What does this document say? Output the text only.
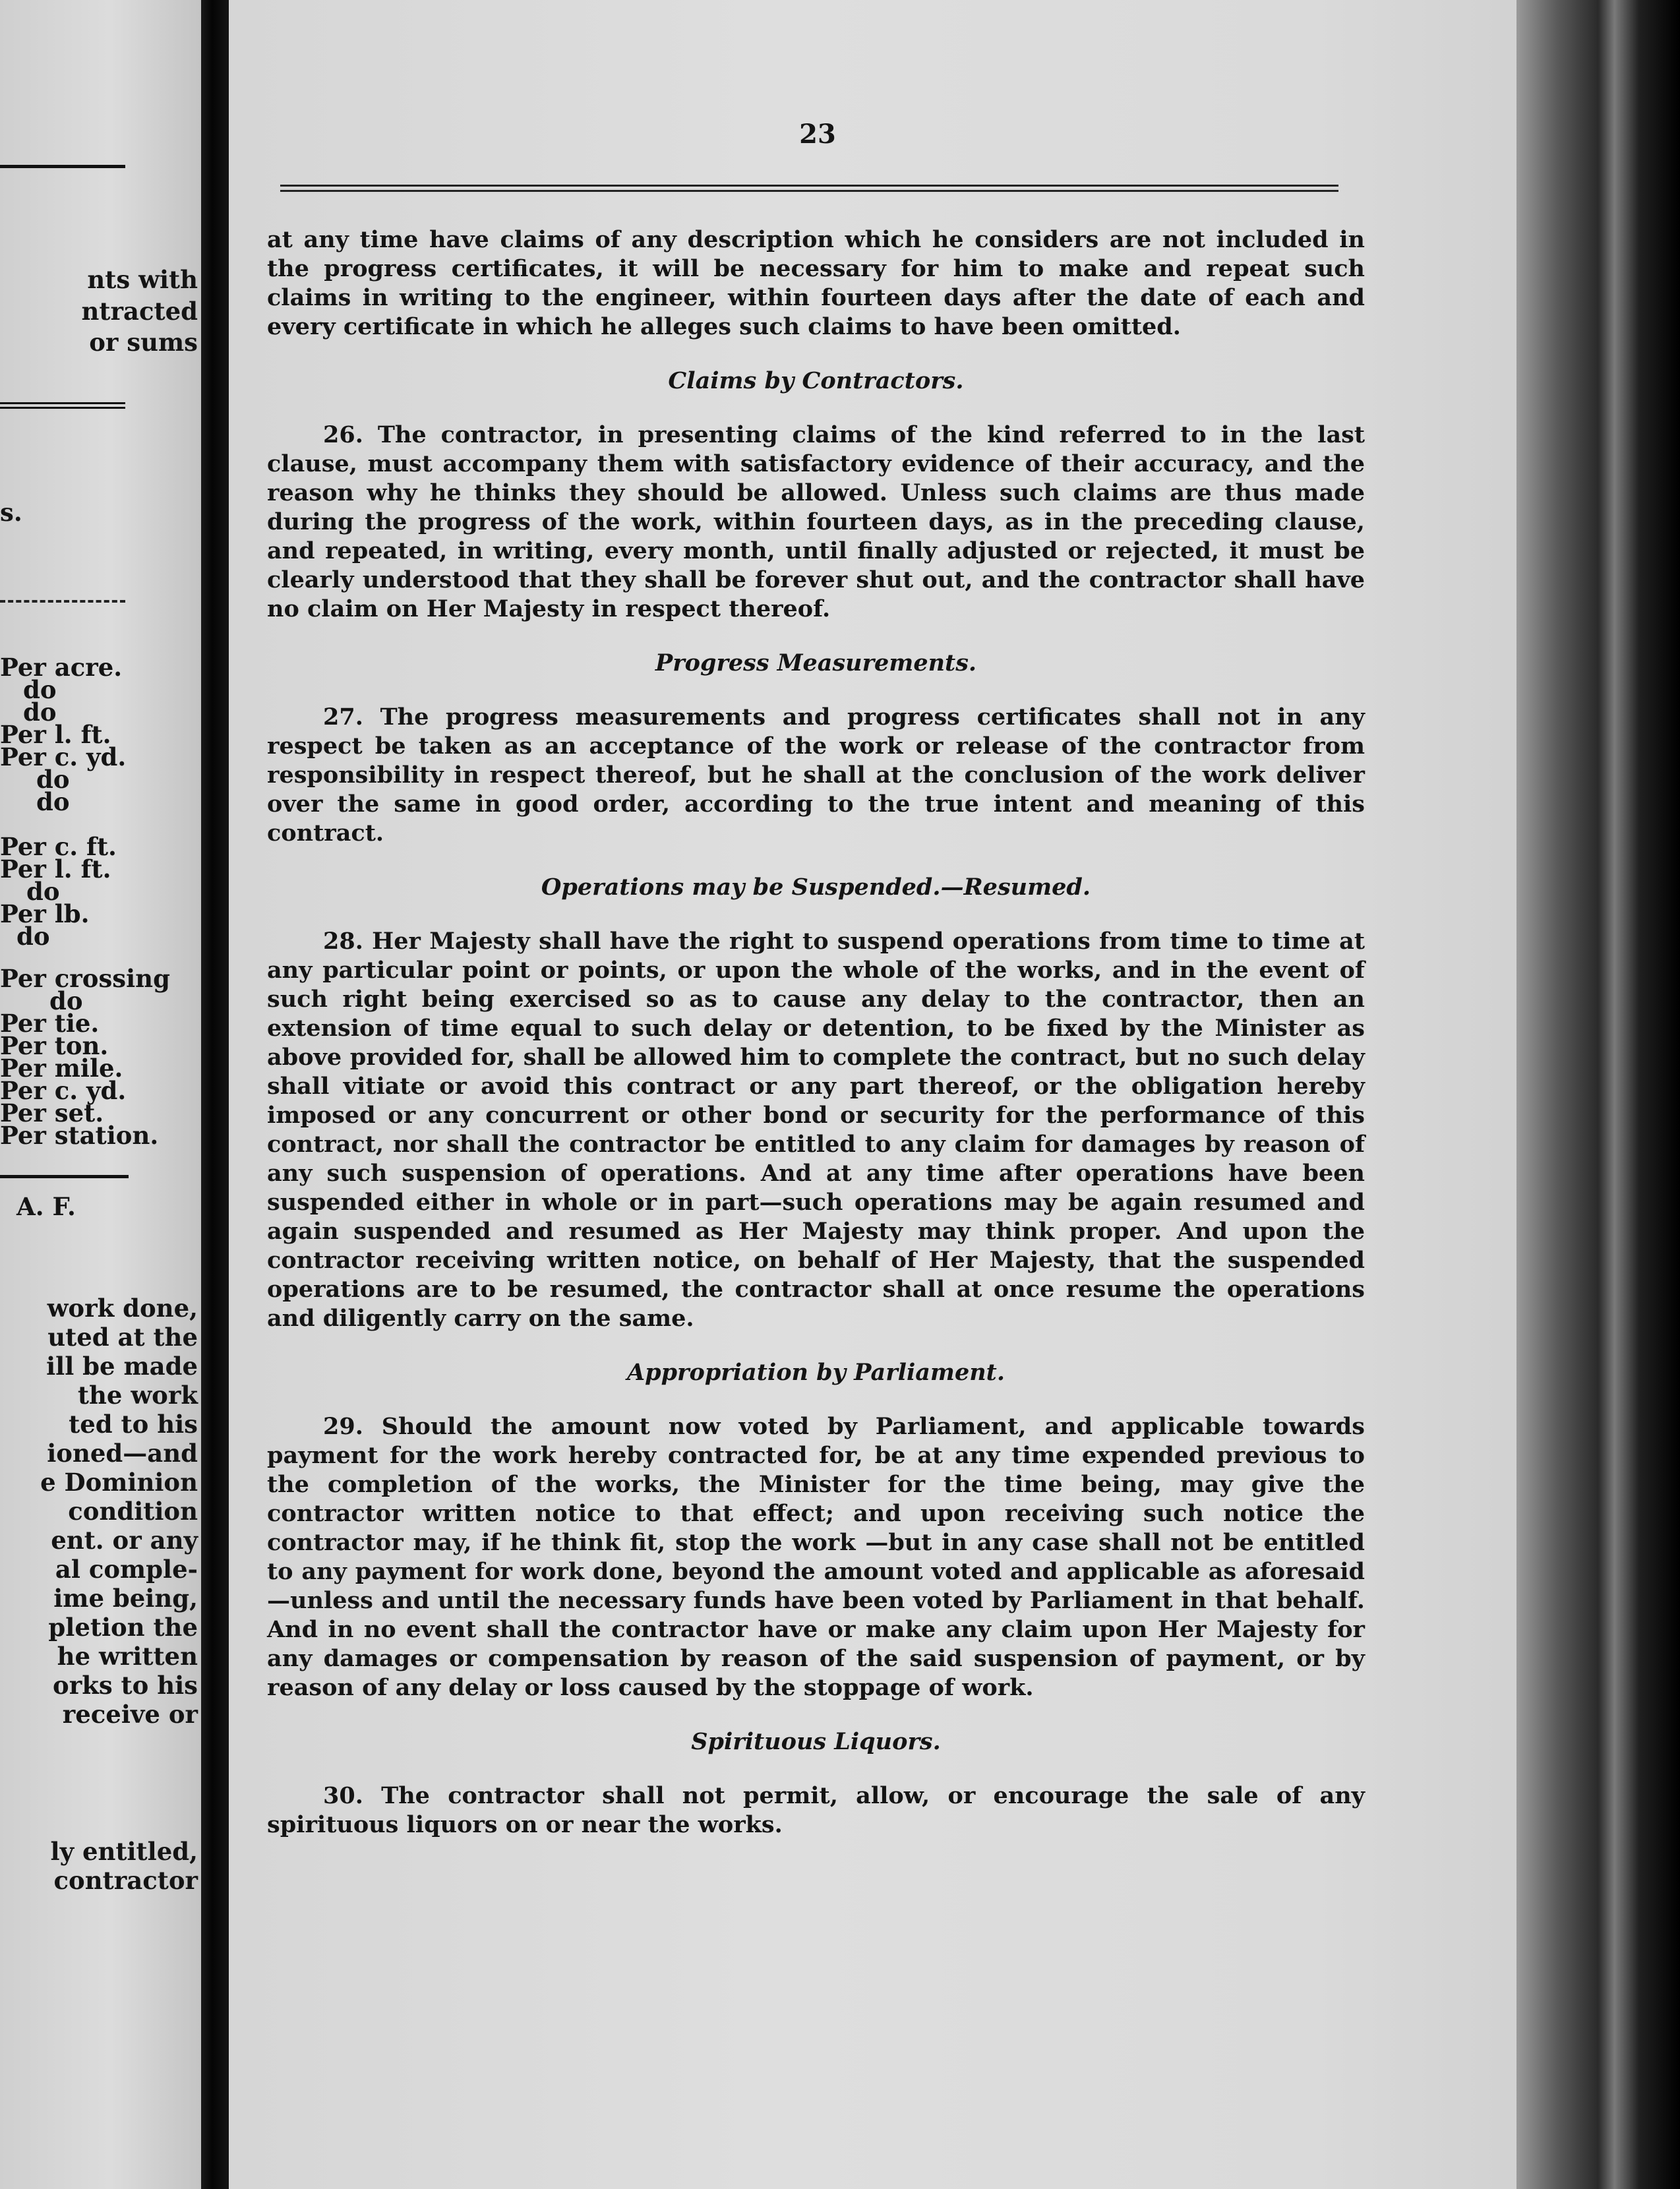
nts with
ntracted
or sums
s.
Per acre.
do
do
Per l. ft.
Per c. yd.
do
do
Per c. ft.
Per l. ft.
do
Per lb.
do
Per crossing
do
Per tie.
Per ton.
Per mile.
Per c. yd.
Per set.
Per station.
A. F.
work done,
uted at the
ill be made
the work
ted to his
ioned—and
e Dominion
condition
ent. or any
al comple-
ime being,
pletion the
he written
orks to his
receive or
ly entitled,
contractor
23

at any time have claims of any description which he considers are not included in the progress certificates, it will be necessary for him to make and repeat such claims in writing to the engineer, within fourteen days after the date of each and every certificate in which he alleges such claims to have been omitted.

Claims by Contractors.

26. The contractor, in presenting claims of the kind referred to in the last clause, must accompany them with satisfactory evidence of their accuracy, and the reason why he thinks they should be allowed. Unless such claims are thus made during the progress of the work, within fourteen days, as in the preceding clause, and repeated, in writing, every month, until finally adjusted or rejected, it must be clearly understood that they shall be forever shut out, and the contractor shall have no claim on Her Majesty in respect thereof.

Progress Measurements.

27. The progress measurements and progress certificates shall not in any respect be taken as an acceptance of the work or release of the contractor from responsibility in respect thereof, but he shall at the conclusion of the work deliver over the same in good order, according to the true intent and meaning of this contract.

Operations may be Suspended.—Resumed.

28. Her Majesty shall have the right to suspend operations from time to time at any particular point or points, or upon the whole of the works, and in the event of such right being exercised so as to cause any delay to the contractor, then an extension of time equal to such delay or detention, to be fixed by the Minister as above provided for, shall be allowed him to complete the contract, but no such delay shall vitiate or avoid this contract or any part thereof, or the obligation hereby imposed or any concurrent or other bond or security for the performance of this contract, nor shall the contractor be entitled to any claim for damages by reason of any such suspension of operations. And at any time after operations have been suspended either in whole or in part—such operations may be again resumed and again suspended and resumed as Her Majesty may think proper. And upon the contractor receiving written notice, on behalf of Her Majesty, that the suspended operations are to be resumed, the contractor shall at once resume the operations and diligently carry on the same.

Appropriation by Parliament.

29. Should the amount now voted by Parliament, and applicable towards payment for the work hereby contracted for, be at any time expended previous to the completion of the works, the Minister for the time being, may give the contractor written notice to that effect; and upon receiving such notice the contractor may, if he think fit, stop the work —but in any case shall not be entitled to any payment for work done, beyond the amount voted and applicable as aforesaid—unless and until the necessary funds have been voted by Parliament in that behalf. And in no event shall the contractor have or make any claim upon Her Majesty for any damages or compensation by reason of the said suspension of payment, or by reason of any delay or loss caused by the stoppage of work.

Spirituous Liquors.

30. The contractor shall not permit, allow, or encourage the sale of any spirituous liquors on or near the works.
